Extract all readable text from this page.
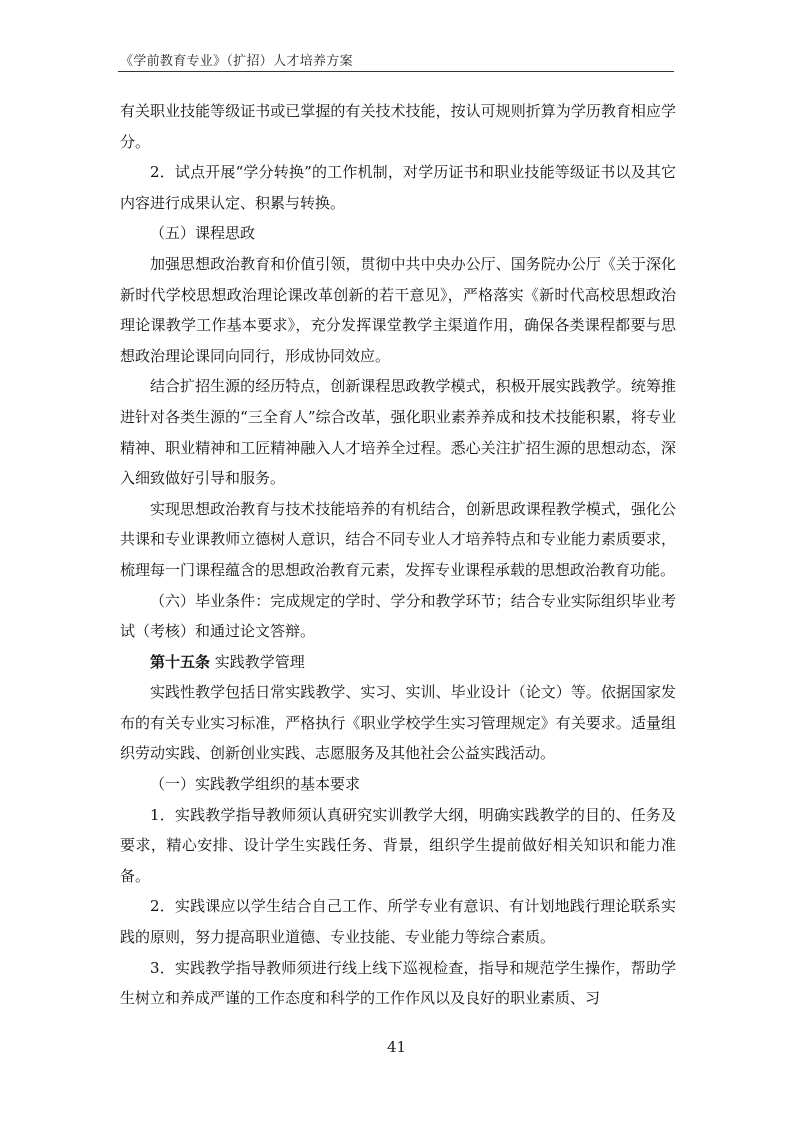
《学前教育专业》（扩招）人才培养方案

有关职业技能等级证书或已掌握的有关技术技能，按认可规则折算为学历教育相应学分。

2．试点开展“学分转换”的工作机制，对学历证书和职业技能等级证书以及其它内容进行成果认定、积累与转换。

（五）课程思政

加强思想政治教育和价值引领，贯彻中共中央办公厅、国务院办公厅《关于深化新时代学校思想政治理论课改革创新的若干意见》，严格落实《新时代高校思想政治理论课教学工作基本要求》，充分发挥课堂教学主渠道作用，确保各类课程都要与思想政治理论课同向同行，形成协同效应。

结合扩招生源的经历特点，创新课程思政教学模式，积极开展实践教学。统筹推进针对各类生源的“三全育人”综合改革，强化职业素养养成和技术技能积累，将专业精神、职业精神和工匠精神融入人才培养全过程。悉心关注扩招生源的思想动态，深入细致做好引导和服务。

实现思想政治教育与技术技能培养的有机结合，创新思政课程教学模式，强化公共课和专业课教师立德树人意识，结合不同专业人才培养特点和专业能力素质要求，梳理每一门课程蕴含的思想政治教育元素，发挥专业课程承载的思想政治教育功能。

（六）毕业条件：完成规定的学时、学分和教学环节；结合专业实际组织毕业考试（考核）和通过论文答辩。

第十五条 实践教学管理

实践性教学包括日常实践教学、实习、实训、毕业设计（论文）等。依据国家发布的有关专业实习标准，严格执行《职业学校学生实习管理规定》有关要求。适量组织劳动实践、创新创业实践、志愿服务及其他社会公益实践活动。

（一）实践教学组织的基本要求

1．实践教学指导教师须认真研究实训教学大纲，明确实践教学的目的、任务及要求，精心安排、设计学生实践任务、背景，组织学生提前做好相关知识和能力准备。

2．实践课应以学生结合自己工作、所学专业有意识、有计划地践行理论联系实践的原则，努力提高职业道德、专业技能、专业能力等综合素质。

3．实践教学指导教师须进行线上线下巡视检查，指导和规范学生操作，帮助学生树立和养成严谨的工作态度和科学的工作作风以及良好的职业素质、习

41
